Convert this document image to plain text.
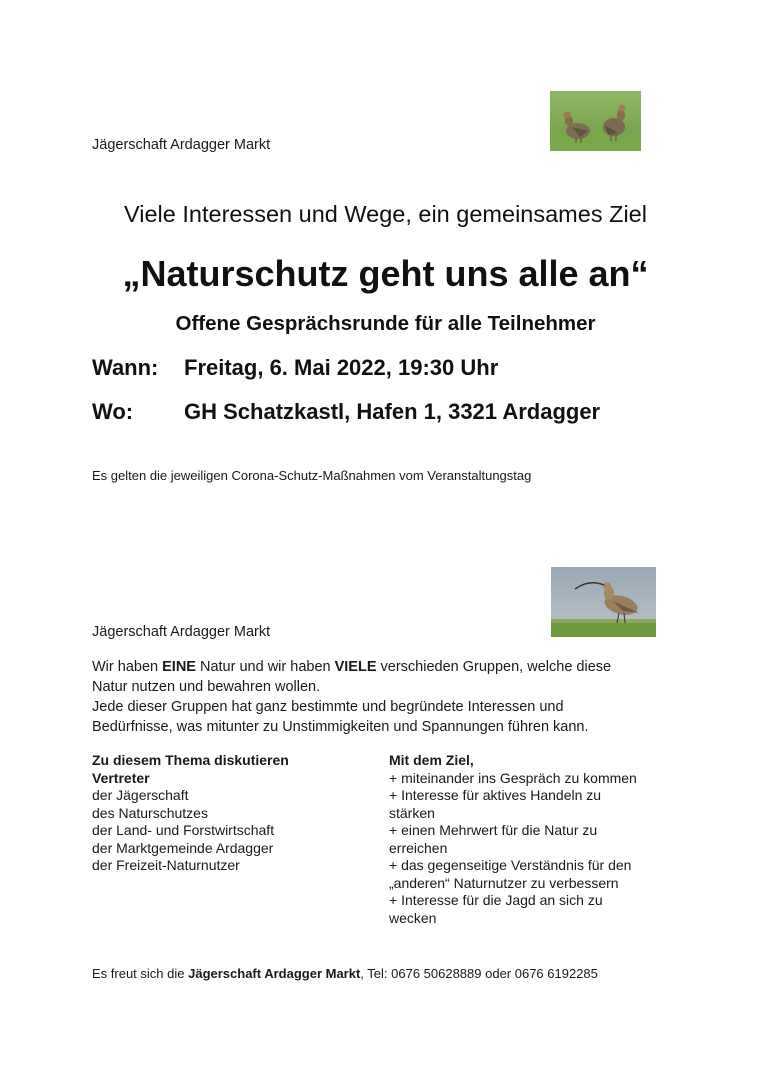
Jägerschaft Ardagger Markt
Viele Interessen und Wege, ein gemeinsames Ziel
„Naturschutz geht uns alle an“
Offene Gesprächsrunde für alle Teilnehmer
Wann: Freitag, 6. Mai 2022, 19:30 Uhr
Wo: GH Schatzkastl, Hafen 1, 3321 Ardagger
Es gelten die jeweiligen Corona-Schutz-Maßnahmen vom Veranstaltungstag
Jägerschaft Ardagger Markt
Wir haben EINE Natur und wir haben VIELE verschieden Gruppen, welche diese
Natur nutzen und bewahren wollen.
Jede dieser Gruppen hat ganz bestimmte und begründete Interessen und
Bedürfnisse, was mitunter zu Unstimmigkeiten und Spannungen führen kann.
Zu diesem Thema diskutieren
Vertreter
der Jägerschaft
des Naturschutzes
der Land- und Forstwirtschaft
der Marktgemeinde Ardagger
der Freizeit-Naturnutzer
Mit dem Ziel,
+ miteinander ins Gespräch zu kommen
+ Interesse für aktives Handeln zu
stärken
+ einen Mehrwert für die Natur zu
erreichen
+ das gegenseitige Verständnis für den
„anderen“ Naturnutzer zu verbessern
+ Interesse für die Jagd an sich zu
wecken
Es freut sich die Jägerschaft Ardagger Markt, Tel: 0676 50628889 oder 0676 6192285
